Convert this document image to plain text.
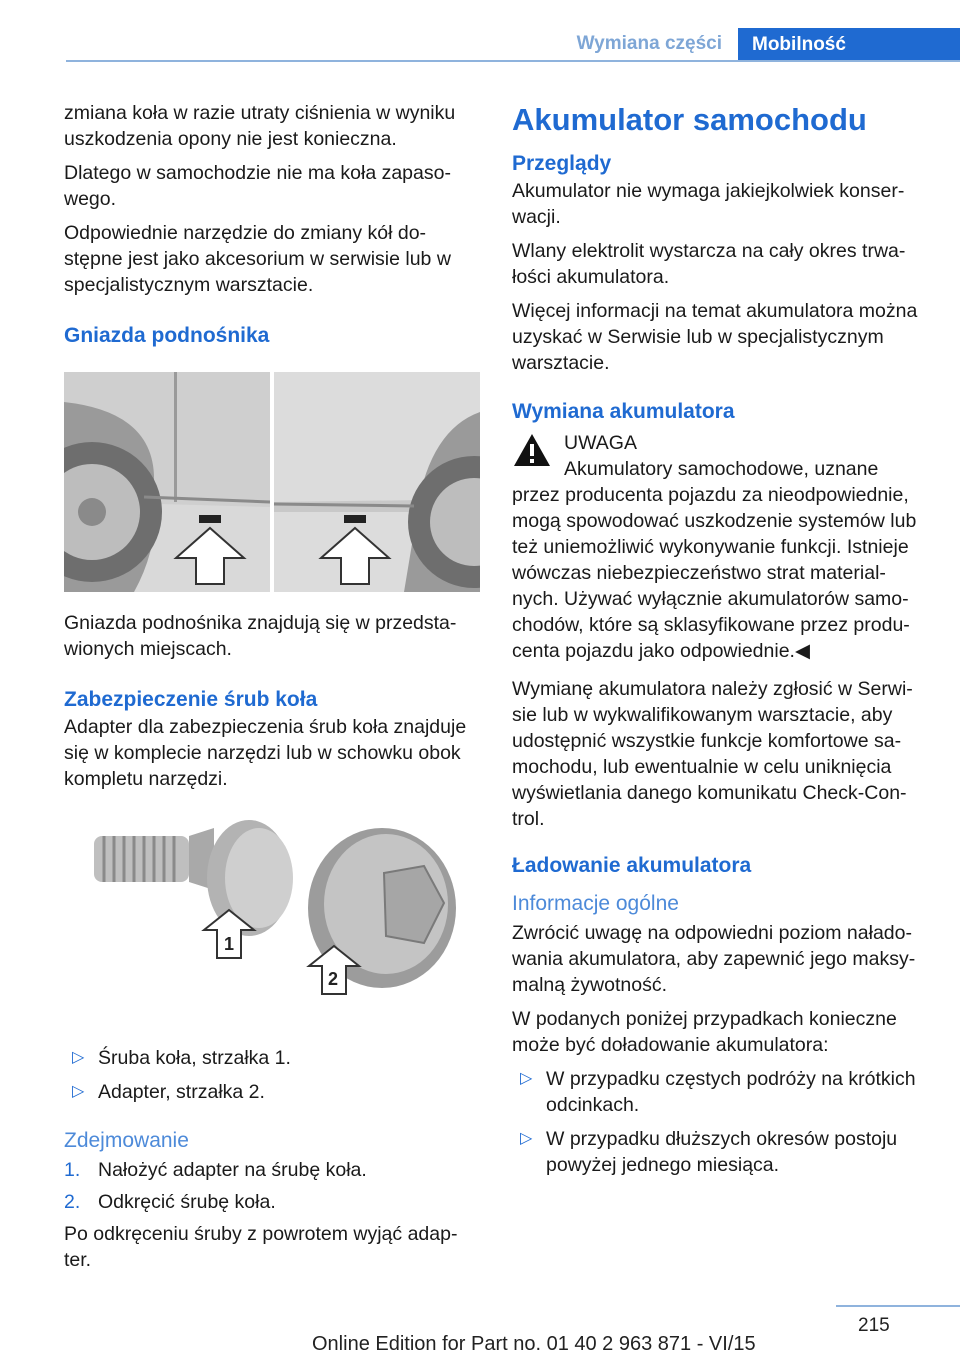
Wymiana części	Mobilność

zmiana koła w razie utraty ciśnienia w wyniku uszkodzenia opony nie jest konieczna.

Dlatego w samochodzie nie ma koła zapaso-wego.

Odpowiednie narzędzie do zmiany kół do-stępne jest jako akcesorium w serwisie lub w specjalistycznym warsztacie.

Gniazda podnośnika

Gniazda podnośnika znajdują się w przedsta-wionych miejscach.

Zabezpieczenie śrub koła

Adapter dla zabezpieczenia śrub koła znajduje się w komplecie narzędzi lub w schowku obok kompletu narzędzi.

1
2
▷ Śruba koła, strzałka 1.
▷ Adapter, strzałka 2.
Zdejmowanie
1. Nałożyć adapter na śrubę koła.
2. Odkręcić śrubę koła.

Po odkręceniu śruby z powrotem wyjąć adap-ter.

Akumulator samochodu
Przeglądy

Akumulator nie wymaga jakiejkolwiek konser-wacji.

Wlany elektrolit wystarcza na cały okres trwa-łości akumulatora.

Więcej informacji na temat akumulatora można uzyskać w Serwisie lub w specjalistycznym warsztacie.

Wymiana akumulatora
UWAGA
Akumulatory samochodowe, uznane
przez producenta pojazdu za nieodpowiednie, mogą spowodować uszkodzenie systemów lub też uniemożliwić wykonywanie funkcji. Istnieje wówczas niebezpieczeństwo strat material-nych. Używać wyłącznie akumulatorów samo-chodów, które są sklasyfikowane przez produ-centa pojazdu jako odpowiednie.◀

Wymianę akumulatora należy zgłosić w Serwi-sie lub w wykwalifikowanym warsztacie, aby udostępnić wszystkie funkcje komfortowe sa-mochodu, lub ewentualnie w celu uniknięcia wyświetlania danego komunikatu Check-Con-trol.

Ładowanie akumulatora
Informacje ogólne

Zwrócić uwagę na odpowiedni poziom nałado-wania akumulatora, aby zapewnić jego maksy-malną żywotność.

W podanych poniżej przypadkach konieczne może być doładowanie akumulatora:

▷ W przypadku częstych podróży na krótkich odcinkach.
▷ W przypadku dłuższych okresów postoju powyżej jednego miesiąca.
215
Online Edition for Part no. 01 40 2 963 871 - VI/15
